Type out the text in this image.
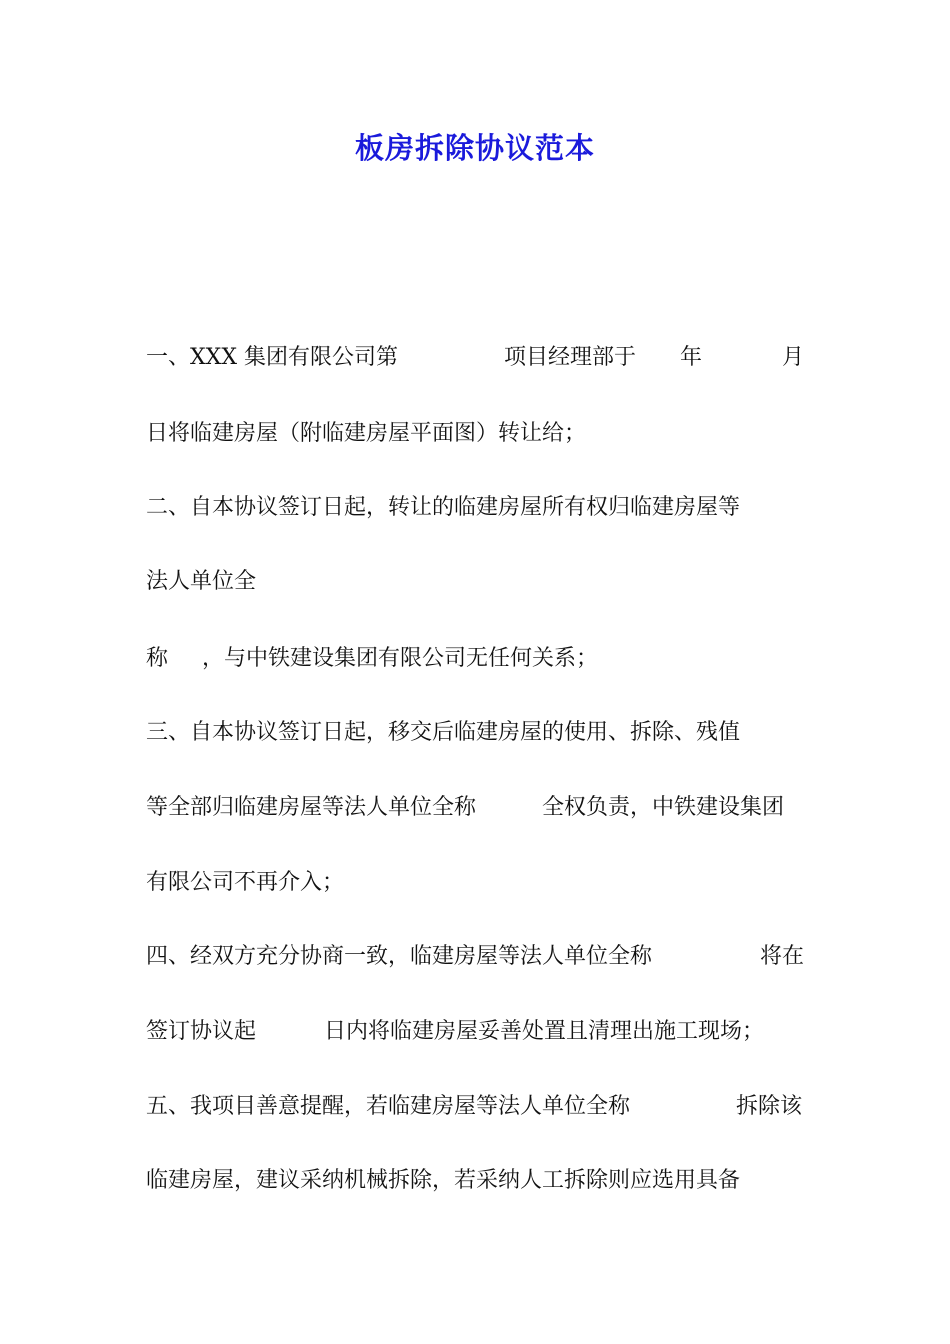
板房拆除协议范本
一、XXX 集团有限公司第	项目经理部于 年	月
日将临建房屋（附临建房屋平面图）转让给；
二、自本协议签订日起，转让的临建房屋所有权归临建房屋等
法人单位全
称 ，与中铁建设集团有限公司无任何关系；
三、自本协议签订日起，移交后临建房屋的使用、拆除、残值
等全部归临建房屋等法人单位全称	全权负责，中铁建设集团
有限公司不再介入；
四、经双方充分协商一致，临建房屋等法人单位全称	将在
签订协议起	日内将临建房屋妥善处置且清理出施工现场；
五、我项目善意提醒，若临建房屋等法人单位全称	拆除该
临建房屋，建议采纳机械拆除，若采纳人工拆除则应选用具备
